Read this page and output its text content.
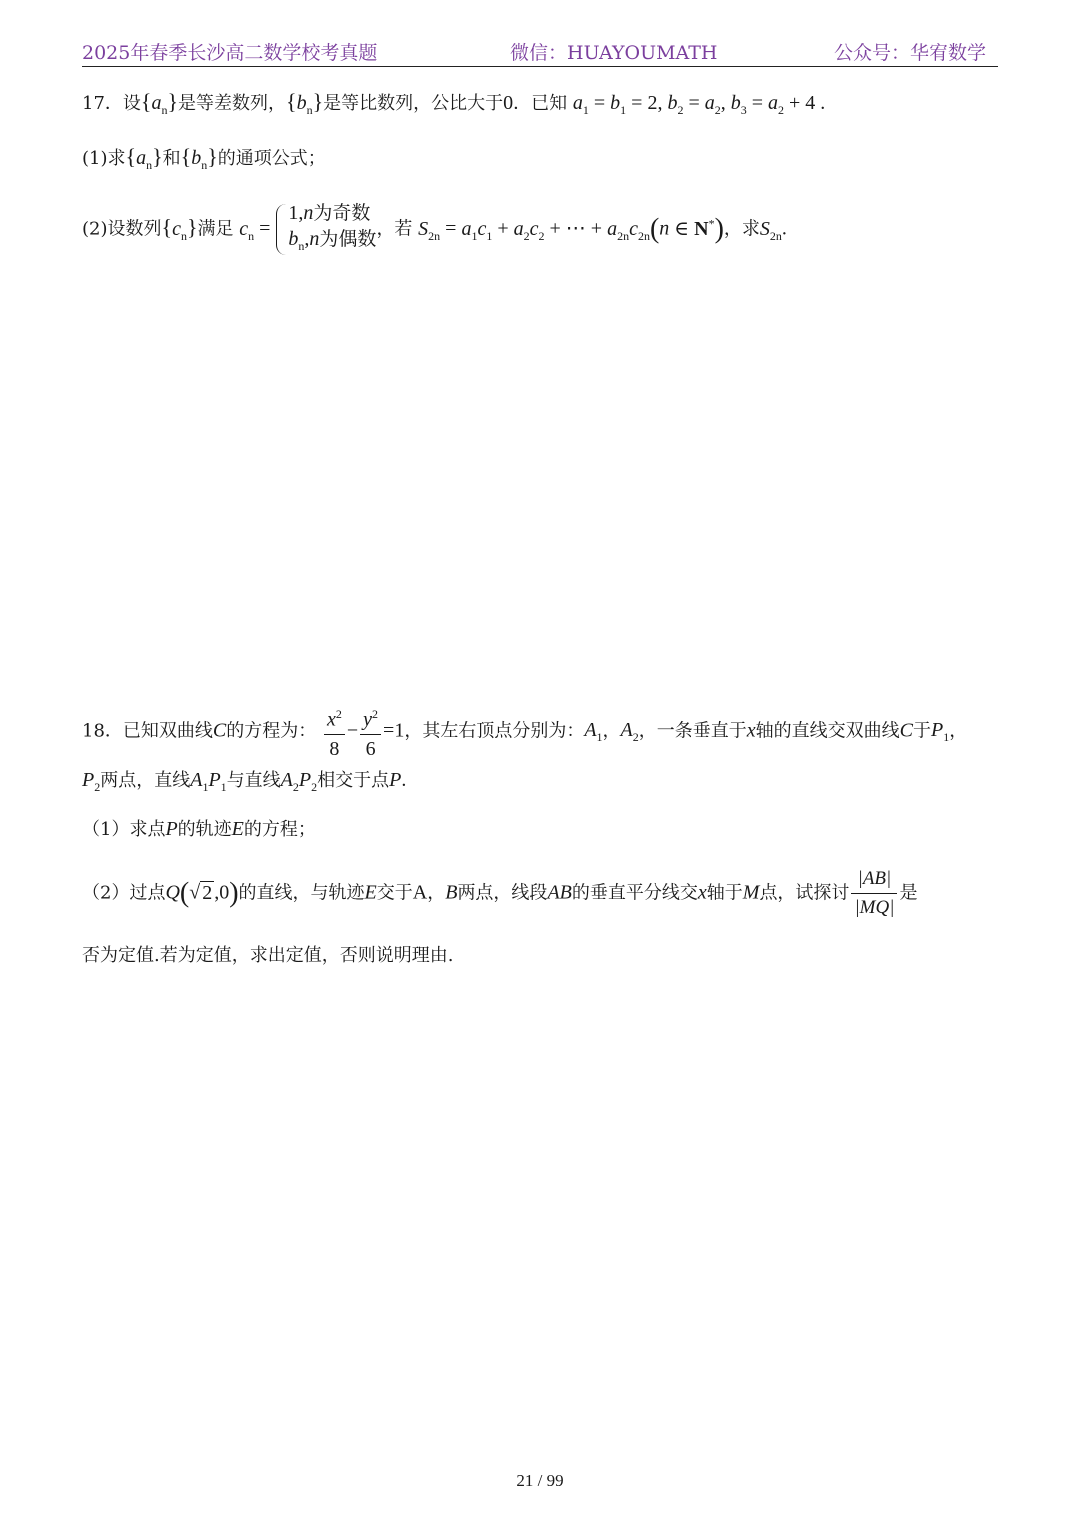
2025年春季长沙高二数学校考真题	微信：HUAYOUMATH	公众号：华宥数学
17．设$\{a_n\}$是等差数列，$\{b_n\}$是等比数列，公比大于0．已知 $a_1 = b_1 = 2$, $b_2 = a_2$, $b_3 = a_2 + 4$ .
(1)求$\{a_n\}$和$\{b_n\}$的通项公式；
(2)设数列$\{c_n\}$满足 $c_n$ =
1,n为奇数
$b_n,n$为偶数 ，若 $S_{2n} = a_1c_1 + a_2c_2$ + ⋯ + $a_{2n}c_{2n}(n$ ∈ N*)，求$S_{2n}$.
18．已知双曲线C的方程为： $\frac{x^2}{8} - \frac{y^2}{6} =1$，其左右顶点分别为：$A_1$，$A_2$，一条垂直于x轴的直线交双曲线C于$P_1$，
$P_2$两点，直线$A_1P_1$与直线$A_2P_2$相交于点P.
（1）求点P的轨迹E的方程；
（2）过点Q(√ 2 ,0)的直线，与轨迹E交于A，B两点，线段AB的垂直平分线交x轴于M点，试探讨 $\frac{|AB|}{|MQ|}$ 是
否为定值.若为定值，求出定值，否则说明理由.
21 / 99
